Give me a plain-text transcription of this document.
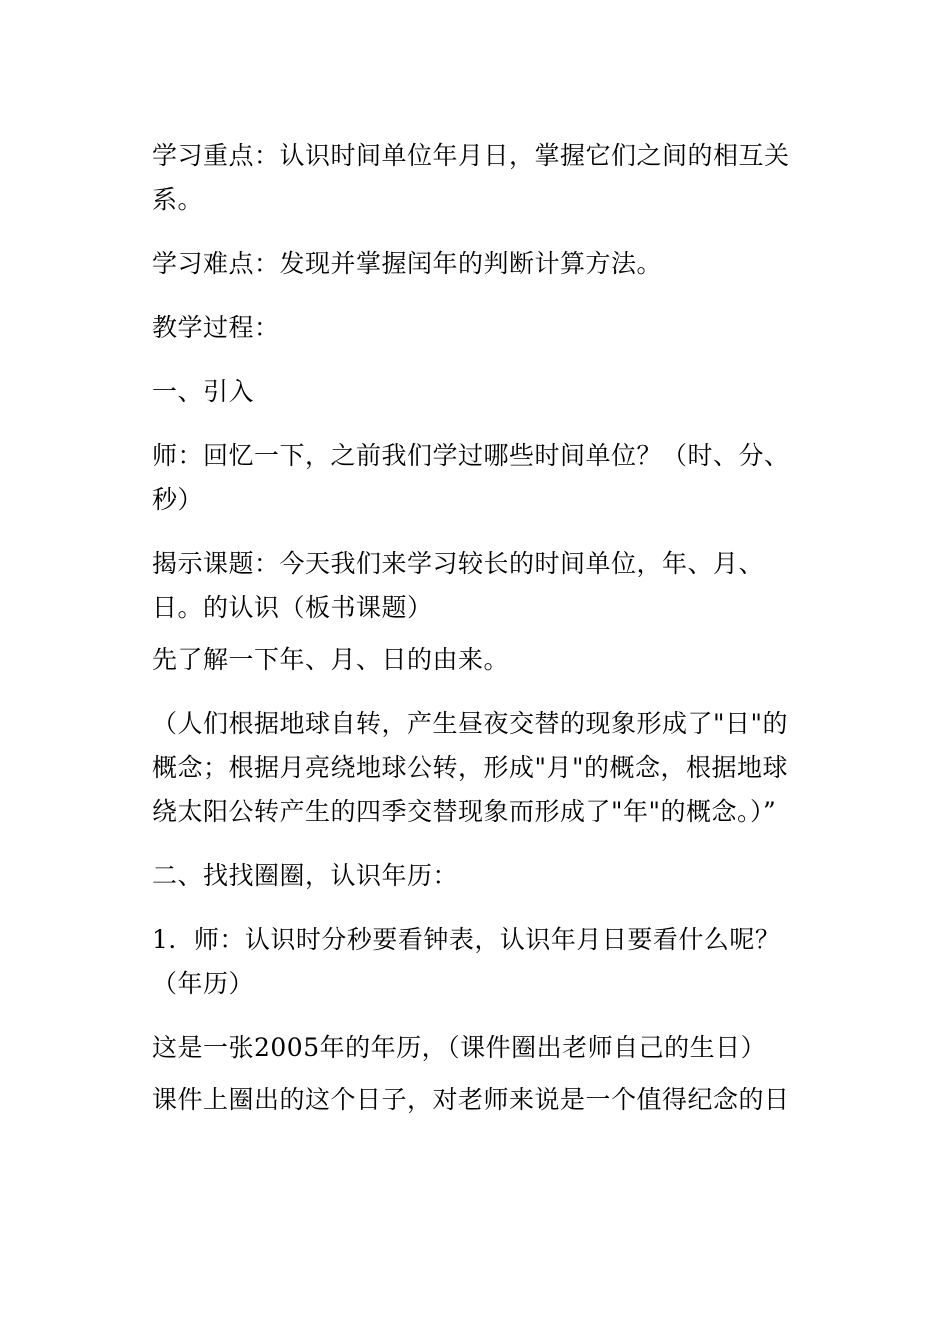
学习重点：认识时间单位年月日，掌握它们之间的相互关系。

学习难点：发现并掌握闰年的判断计算方法。

教学过程：

一、引入

师：回忆一下，之前我们学过哪些时间单位？（时、分、秒）

揭示课题：今天我们来学习较长的时间单位，年、月、日。的认识（板书课题）

先了解一下年、月、日的由来。

（人们根据地球自转，产生昼夜交替的现象形成了"日"的概念；根据月亮绕地球公转，形成"月"的概念，根据地球绕太阳公转产生的四季交替现象而形成了"年"的概念。）”

二、找找圈圈，认识年历：

1．师：认识时分秒要看钟表，认识年月日要看什么呢？（年历）

这是一张2005年的年历，（课件圈出老师自己的生日）

课件上圈出的这个日子，对老师来说是一个值得纪念的日
